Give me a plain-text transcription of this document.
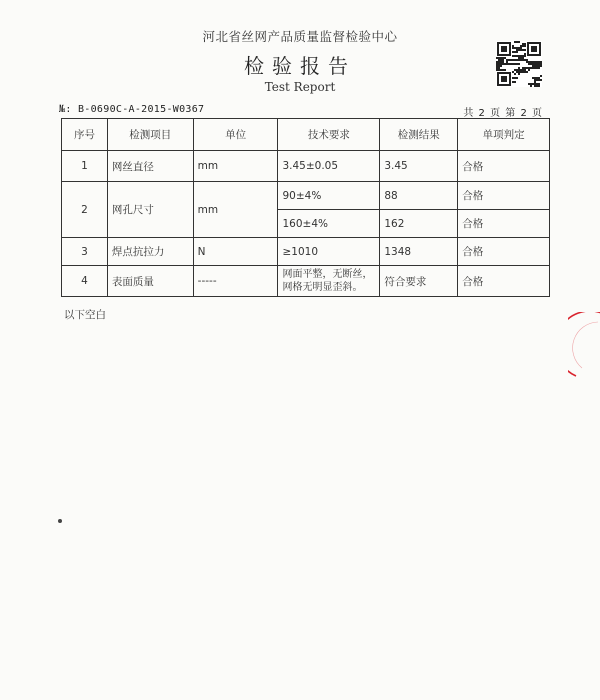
河北省丝网产品质量监督检验中心
检验报告
Test Report
№: B-0690C-A-2015-W0367	共 2 页 第 2 页
序号	检测项目	单位	技术要求	检测结果	单项判定
1	网丝直径	mm	3.45±0.05	3.45	合格
2	网孔尺寸	mm	90±4%	88	合格
			160±4%	162	合格
3	焊点抗拉力	N	≥1010	1348	合格
4	表面质量	-----	网面平整，无断丝，网格无明显歪斜。	符合要求	合格
以下空白
